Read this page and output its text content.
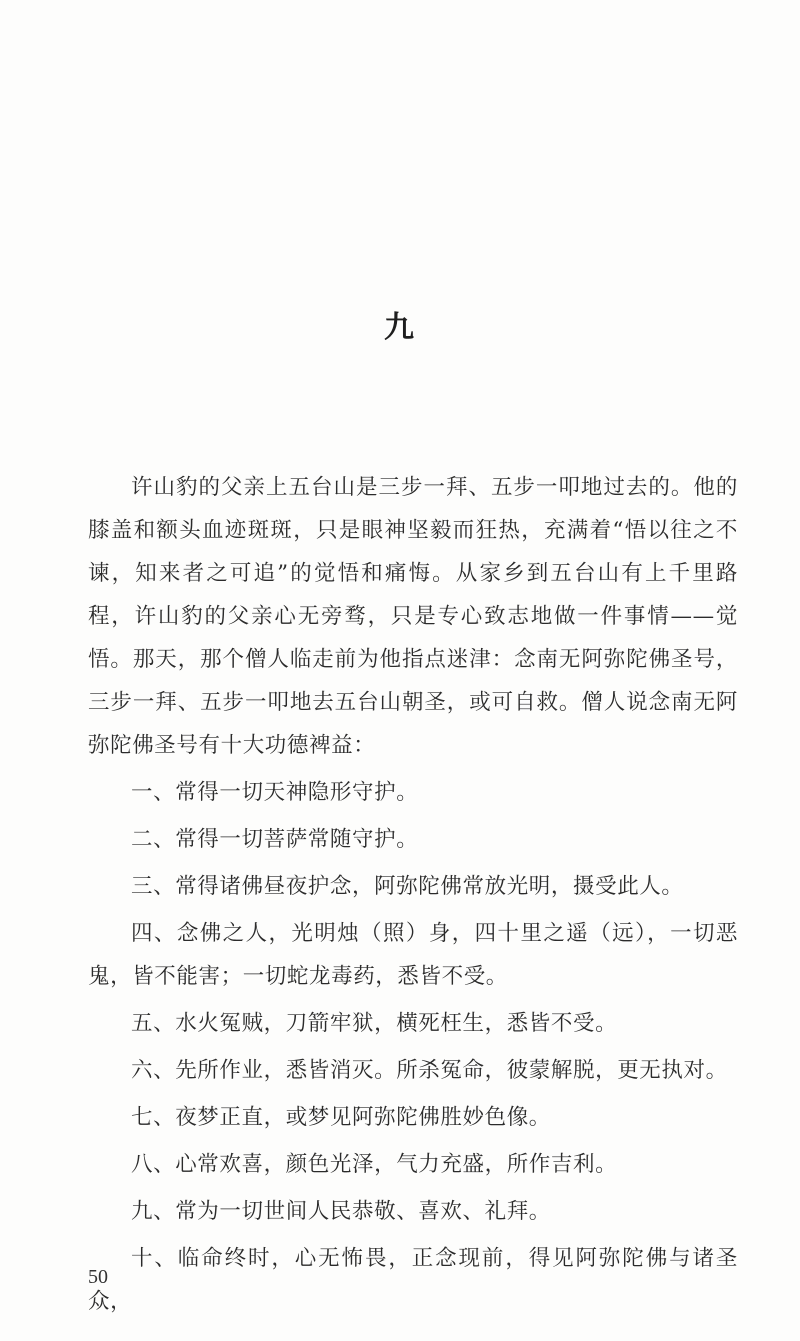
九

许山豹的父亲上五台山是三步一拜、五步一叩地过去的。他的膝盖和额头血迹斑斑，只是眼神坚毅而狂热，充满着“悟以往之不谏，知来者之可追”的觉悟和痛悔。从家乡到五台山有上千里路程，许山豹的父亲心无旁骛，只是专心致志地做一件事情——觉悟。那天，那个僧人临走前为他指点迷津：念南无阿弥陀佛圣号，三步一拜、五步一叩地去五台山朝圣，或可自救。僧人说念南无阿弥陀佛圣号有十大功德裨益：

一、常得一切天神隐形守护。

二、常得一切菩萨常随守护。

三、常得诸佛昼夜护念，阿弥陀佛常放光明，摄受此人。

四、念佛之人，光明烛（照）身，四十里之遥（远），一切恶鬼，皆不能害；一切蛇龙毒药，悉皆不受。

五、水火冤贼，刀箭牢狱，横死枉生，悉皆不受。

六、先所作业，悉皆消灭。所杀冤命，彼蒙解脱，更无执对。

七、夜梦正直，或梦见阿弥陀佛胜妙色像。

八、心常欢喜，颜色光泽，气力充盛，所作吉利。

九、常为一切世间人民恭敬、喜欢、礼拜。

十、临命终时，心无怖畏，正念现前，得见阿弥陀佛与诸圣众，

50
